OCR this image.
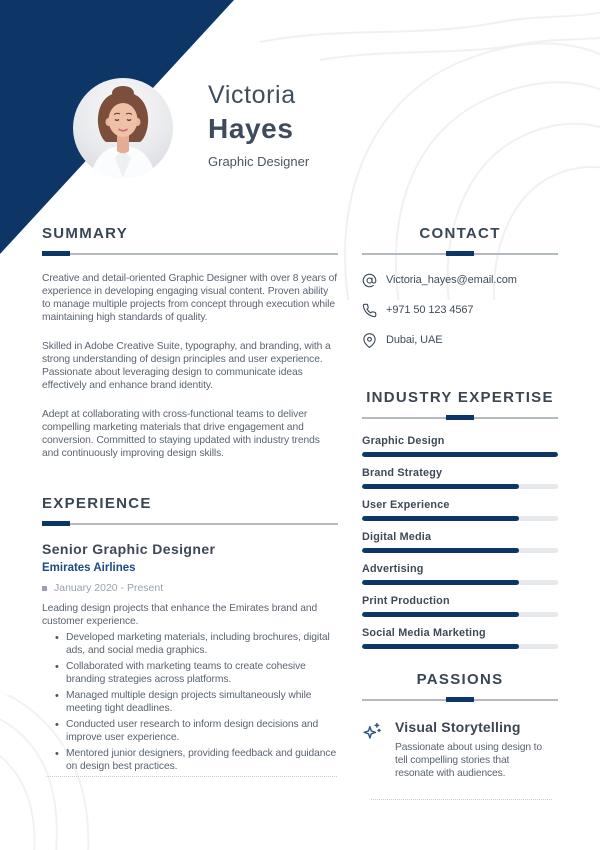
Victoria
Hayes
Graphic Designer
SUMMARY

Creative and detail-oriented Graphic Designer with over 8 years of experience in developing engaging visual content. Proven ability to manage multiple projects from concept through execution while maintaining high standards of quality.

Skilled in Adobe Creative Suite, typography, and branding, with a strong understanding of design principles and user experience. Passionate about leveraging design to communicate ideas effectively and enhance brand identity.

Adept at collaborating with cross-functional teams to deliver compelling marketing materials that drive engagement and conversion. Committed to staying updated with industry trends and continuously improving design skills.

EXPERIENCE
Senior Graphic Designer
Emirates Airlines
January 2020 - Present

Leading design projects that enhance the Emirates brand and customer experience.

• Developed marketing materials, including brochures, digital ads, and social media graphics.
• Collaborated with marketing teams to create cohesive branding strategies across platforms.
• Managed multiple design projects simultaneously while meeting tight deadlines.
• Conducted user research to inform design decisions and improve user experience.
• Mentored junior designers, providing feedback and guidance on design best practices.
CONTACT
Victoria_hayes@email.com
+971 50 123 4567
Dubai, UAE
INDUSTRY EXPERTISE
Graphic Design
Brand Strategy
User Experience
Digital Media
Advertising
Print Production
Social Media Marketing
PASSIONS
Visual Storytelling
Passionate about using design to tell compelling stories that resonate with audiences.
